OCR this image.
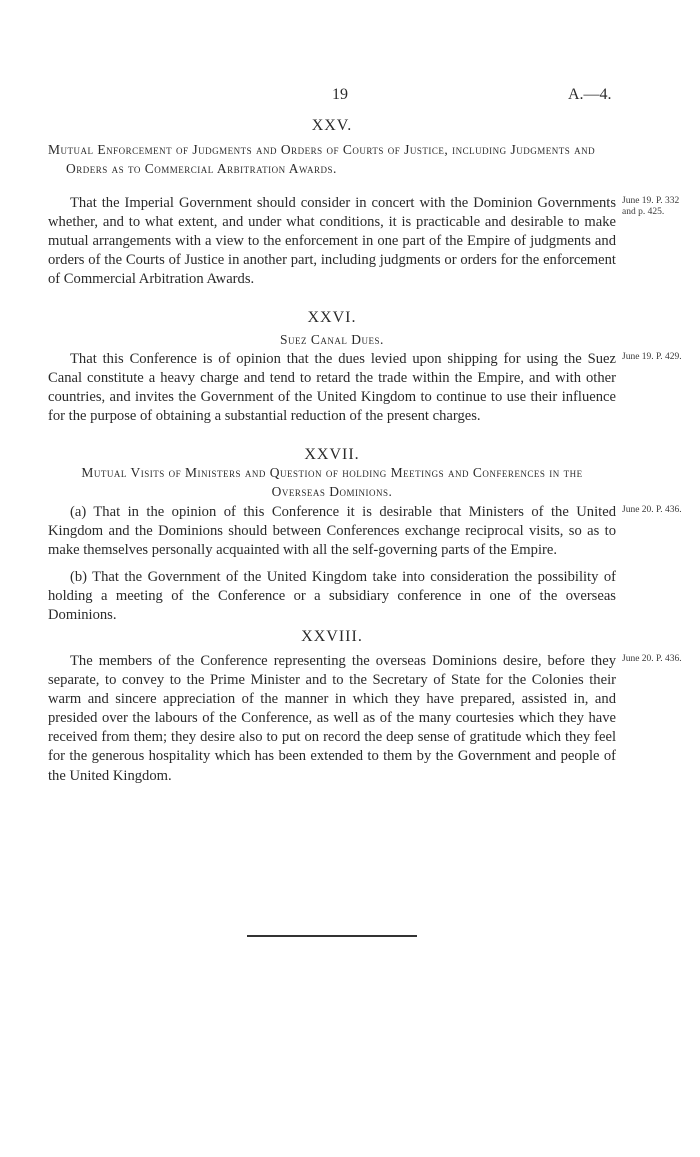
19	A.—4.
XXV.
Mutual Enforcement of Judgments and Orders of Courts of Justice, including Judgments and Orders as to Commercial Arbitration Awards.
That the Imperial Government should consider in concert with the Dominion Governments whether, and to what extent, and under what conditions, it is practicable and desirable to make mutual arrangements with a view to the enforcement in one part of the Empire of judgments and orders of the Courts of Justice in another part, including judgments or orders for the enforcement of Commercial Arbitration Awards.
XXVI.
Suez Canal Dues.
That this Conference is of opinion that the dues levied upon shipping for using the Suez Canal constitute a heavy charge and tend to retard the trade within the Empire, and with other countries, and invites the Government of the United Kingdom to continue to use their influence for the purpose of obtaining a substantial reduction of the present charges.
XXVII.
Mutual Visits of Ministers and Question of holding Meetings and Conferences in the Overseas Dominions.
(a) That in the opinion of this Conference it is desirable that Ministers of the United Kingdom and the Dominions should between Conferences exchange reciprocal visits, so as to make themselves personally acquainted with all the self-governing parts of the Empire.
(b) That the Government of the United Kingdom take into consideration the possibility of holding a meeting of the Conference or a subsidiary conference in one of the overseas Dominions.
XXVIII.
The members of the Conference representing the overseas Dominions desire, before they separate, to convey to the Prime Minister and to the Secretary of State for the Colonies their warm and sincere appreciation of the manner in which they have prepared, assisted in, and presided over the labours of the Conference, as well as of the many courtesies which they have received from them; they desire also to put on record the deep sense of gratitude which they feel for the generous hospitality which has been extended to them by the Government and people of the United Kingdom.
June 19. P. 332 and p. 425.
June 19. P. 429.
June 20. P. 436.
June 20. P. 436.
